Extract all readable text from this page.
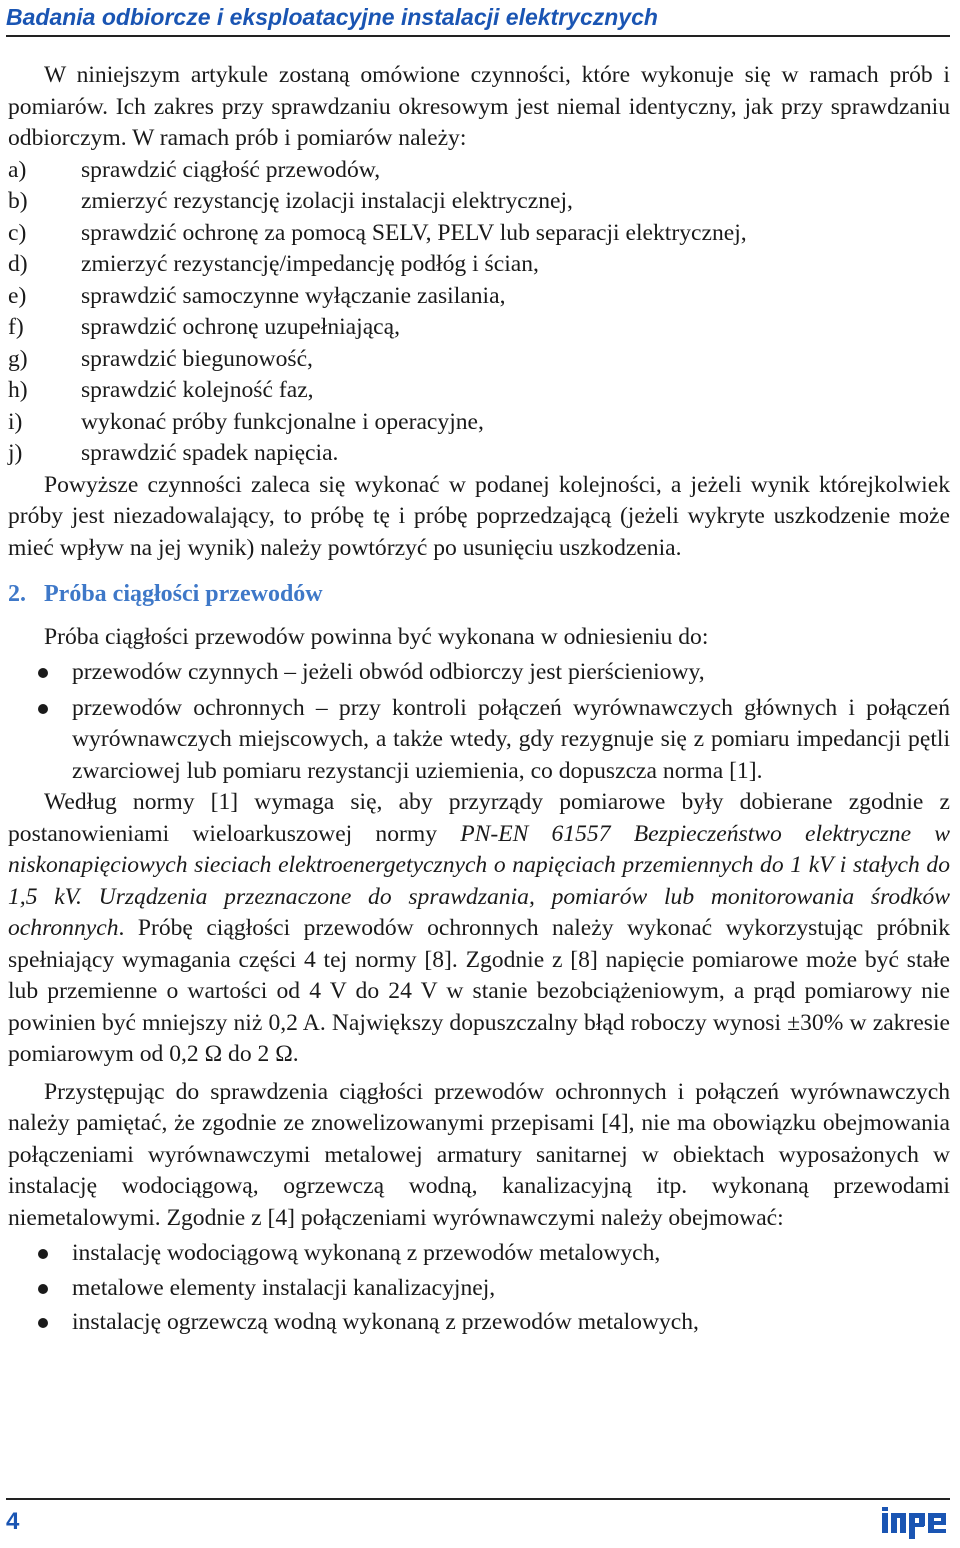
Badania odbiorcze i eksploatacyjne instalacji elektrycznych

W niniejszym artykule zostaną omówione czynności, które wykonuje się w ramach prób i pomiarów. Ich zakres przy sprawdzaniu okresowym jest niemal identyczny, jak przy sprawdzaniu odbiorczym. W ramach prób i pomiarów należy:

a) sprawdzić ciągłość przewodów,
b) zmierzyć rezystancję izolacji instalacji elektrycznej,
c) sprawdzić ochronę za pomocą SELV, PELV lub separacji elektrycznej,
d) zmierzyć rezystancję/impedancję podłóg i ścian,
e) sprawdzić samoczynne wyłączanie zasilania,
f) sprawdzić ochronę uzupełniającą,
g) sprawdzić biegunowość,
h) sprawdzić kolejność faz,
i) wykonać próby funkcjonalne i operacyjne,
j) sprawdzić spadek napięcia.

Powyższe czynności zaleca się wykonać w podanej kolejności, a jeżeli wynik którejkolwiek próby jest niezadowalający, to próbę tę i próbę poprzedzającą (jeżeli wykryte uszkodzenie może mieć wpływ na jej wynik) należy powtórzyć po usunięciu uszkodzenia.

2. Próba ciągłości przewodów

Próba ciągłości przewodów powinna być wykonana w odniesieniu do:

przewodów czynnych – jeżeli obwód odbiorczy jest pierścieniowy,
przewodów ochronnych – przy kontroli połączeń wyrównawczych głównych i połączeń wyrównawczych miejscowych, a także wtedy, gdy rezygnuje się z pomiaru impedancji pętli zwarciowej lub pomiaru rezystancji uziemienia, co dopuszcza norma [1].

Według normy [1] wymaga się, aby przyrządy pomiarowe były dobierane zgodnie z postanowieniami wieloarkuszowej normy PN-EN 61557 Bezpieczeństwo elektryczne w niskonapięciowych sieciach elektroenergetycznych o napięciach przemiennych do 1 kV i stałych do 1,5 kV. Urządzenia przeznaczone do sprawdzania, pomiarów lub monitorowania środków ochronnych. Próbę ciągłości przewodów ochronnych należy wykonać wykorzystując próbnik spełniający wymagania części 4 tej normy [8]. Zgodnie z [8] napięcie pomiarowe może być stałe lub przemienne o wartości od 4 V do 24 V w stanie bezobciążeniowym, a prąd pomiarowy nie powinien być mniejszy niż 0,2 A. Największy dopuszczalny błąd roboczy wynosi ±30% w zakresie pomiarowym od 0,2 Ω do 2 Ω.

Przystępując do sprawdzenia ciągłości przewodów ochronnych i połączeń wyrównawczych należy pamiętać, że zgodnie ze znowelizowanymi przepisami [4], nie ma obowiązku obejmowania połączeniami wyrównawczymi metalowej armatury sanitarnej w obiektach wyposażonych w instalację wodociągową, ogrzewczą wodną, kanalizacyjną itp. wykonaną przewodami niemetalowymi. Zgodnie z [4] połączeniami wyrównawczymi należy obejmować:

instalację wodociągową wykonaną z przewodów metalowych,
metalowe elementy instalacji kanalizacyjnej,
instalację ogrzewczą wodną wykonaną z przewodów metalowych,
4
